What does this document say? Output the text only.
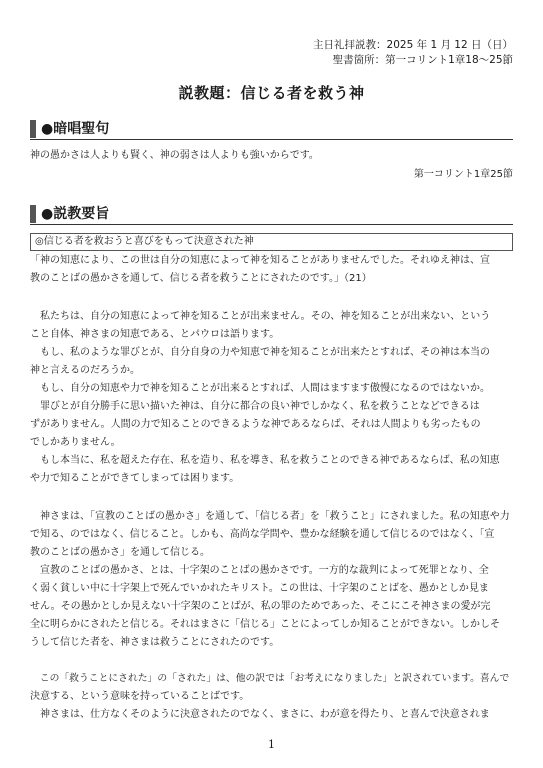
主日礼拝説教：2025 年 1 月 12 日（日）
聖書箇所：第一コリント1章18〜25節
説教題：信じる者を救う神
●暗唱聖句
神の愚かさは人よりも賢く、神の弱さは人よりも強いからです。
第一コリント1章25節
●説教要旨
◎信じる者を救おうと喜びをもって決意された神
「神の知恵により、この世は自分の知恵によって神を知ることがありませんでした。それゆえ神は、宣
教のことばの愚かさを通して、信じる者を救うことにされたのです。」（21）
　私たちは、自分の知恵によって神を知ることが出来ません。その、神を知ることが出来ない、という
こと自体、神さまの知恵である、とパウロは語ります。
　もし、私のような罪びとが、自分自身の力や知恵で神を知ることが出来たとすれば、その神は本当の
神と言えるのだろうか。
　もし、自分の知恵や力で神を知ることが出来るとすれば、人間はますます傲慢になるのではないか。
　罪びとが自分勝手に思い描いた神は、自分に都合の良い神でしかなく、私を救うことなどできるは
ずがありません。人間の力で知ることのできるような神であるならば、それは人間よりも劣ったもの
でしかありません。
　もし本当に、私を超えた存在、私を造り、私を導き、私を救うことのできる神であるならば、私の知恵
や力で知ることができてしまっては困ります。
　神さまは、「宣教のことばの愚かさ」を通して、「信じる者」を「救うこと」にされました。私の知恵や力
で知る、のではなく、信じること。しかも、高尚な学問や、豊かな経験を通して信じるのではなく、「宣
教のことばの愚かさ」を通して信じる。
　宣教のことばの愚かさ、とは、十字架のことばの愚かさです。一方的な裁判によって死罪となり、全
く弱く貧しい中に十字架上で死んでいかれたキリスト。この世は、十字架のことばを、愚かとしか見ま
せん。その愚かとしか見えない十字架のことばが、私の罪のためであった、そこにこそ神さまの愛が完
全に明らかにされたと信じる。それはまさに「信じる」ことによってしか知ることができない。しかしそ
うして信じた者を、神さまは救うことにされたのです。
　この「救うことにされた」の「された」は、他の訳では「お考えになりました」と訳されています。喜んで
決意する、という意味を持っていることばです。
　神さまは、仕方なくそのように決意されたのでなく、まさに、わが意を得たり、と喜んで決意されま
1
